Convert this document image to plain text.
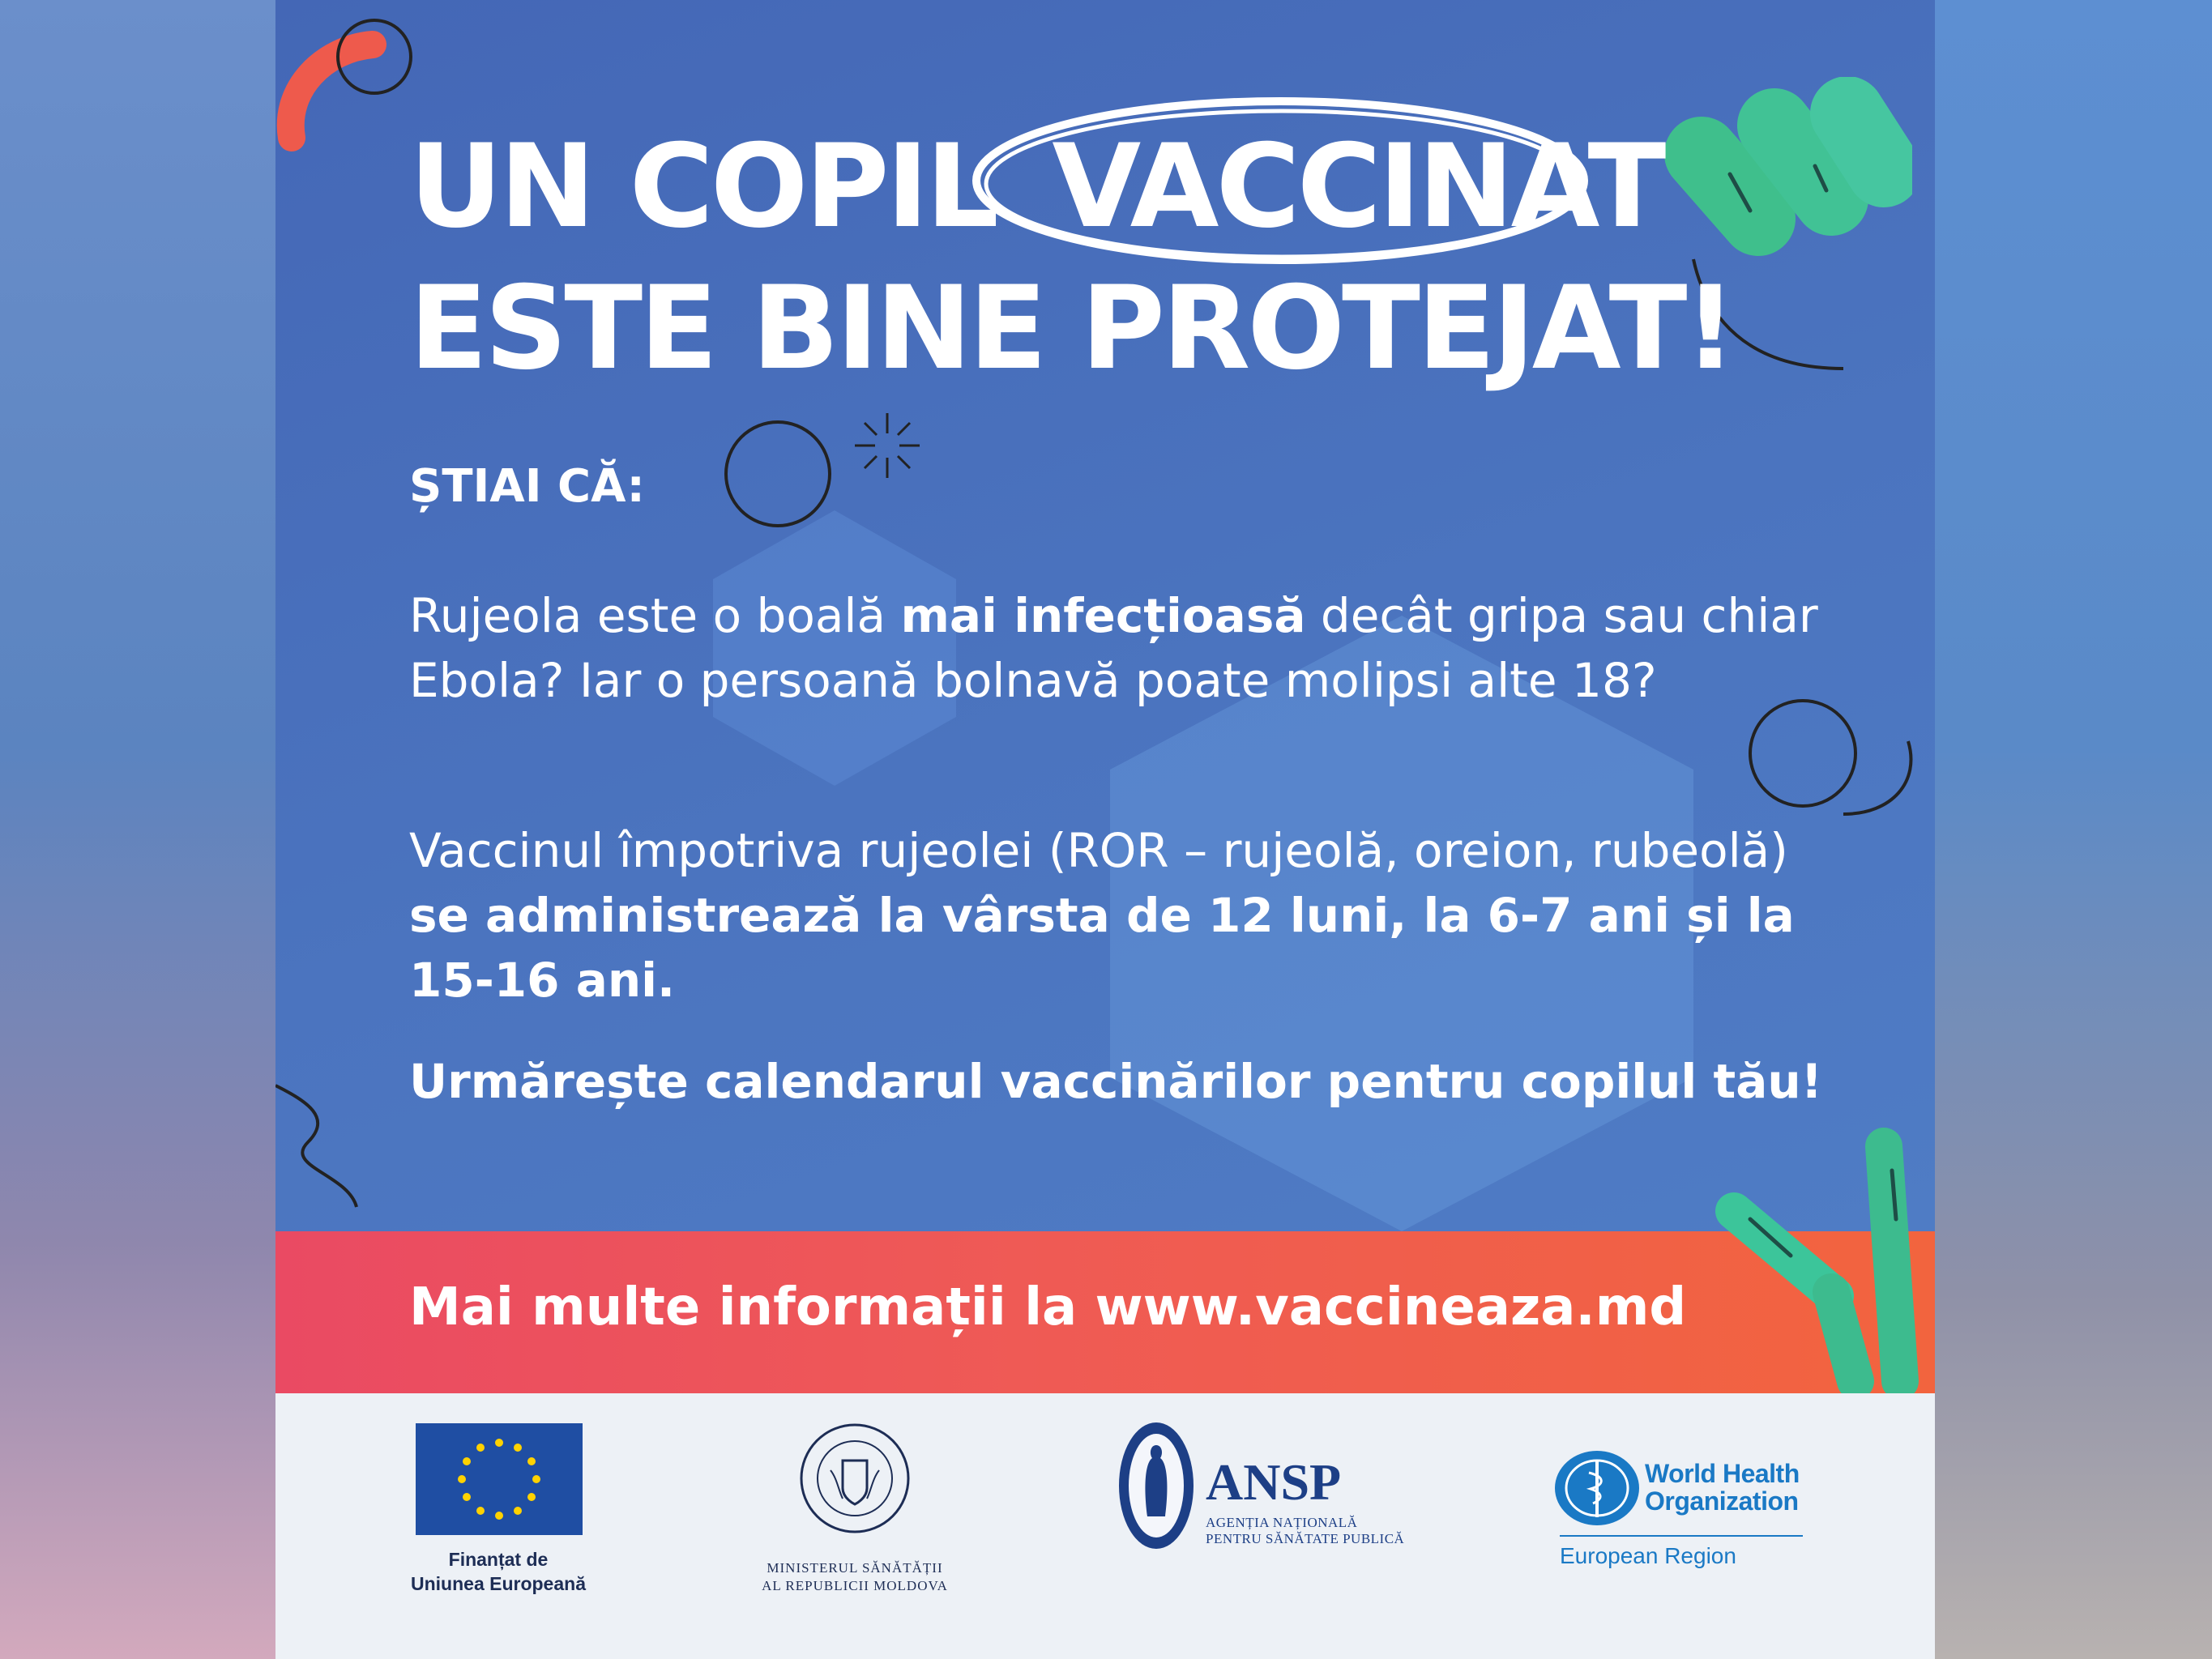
UN COPIL VACCINAT
ESTE BINE PROTEJAT!
ȘTIAI CĂ:
Rujeola este o boală mai infecțioasă decât gripa sau chiar Ebola? Iar o persoană bolnavă poate molipsi alte 18?
Vaccinul împotriva rujeolei (ROR – rujeolă, oreion, rubeolă) se administrează la vârsta de 12 luni, la 6-7 ani și la 15-16 ani.
Urmărește calendarul vaccinărilor pentru copilul tău!
Mai multe informații la www.vaccineaza.md
Finanțat de
Uniunea Europeană
MINISTERUL SĂNĂTĂȚII
AL REPUBLICII MOLDOVA
ANSP
AGENȚIA NAȚIONALĂ
PENTRU SĂNĂTATE PUBLICĂ
World Health
Organization
European Region
